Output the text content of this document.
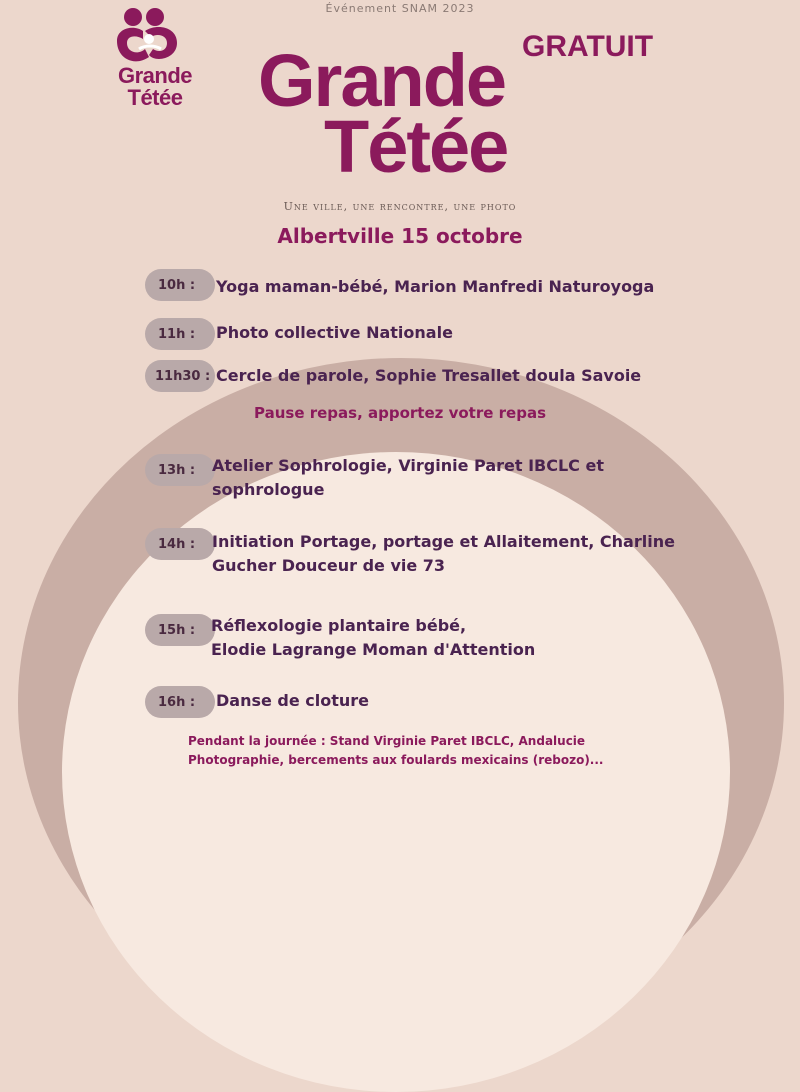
Grande
Tétée
Événement SNAM 2023
GRATUIT
Grande
Tétée
Une ville, une rencontre, une photo
Albertville 15 octobre
10h :	Yoga maman-bébé, Marion Manfredi Naturoyoga
11h :	Photo collective Nationale
11h30 : Cercle de parole, Sophie Tresallet doula Savoie
Pause repas, apportez votre repas
13h :	Atelier Sophrologie, Virginie Paret IBCLC et
sophrologue
14h :	Initiation Portage, portage et Allaitement, Charline
Gucher Douceur de vie 73
15h : Réflexologie plantaire bébé,
Elodie Lagrange Moman d'Attention
16h :	Danse de cloture
Pendant la journée : Stand Virginie Paret IBCLC, Andalucie
Photographie, bercements aux foulards mexicains (rebozo)...
